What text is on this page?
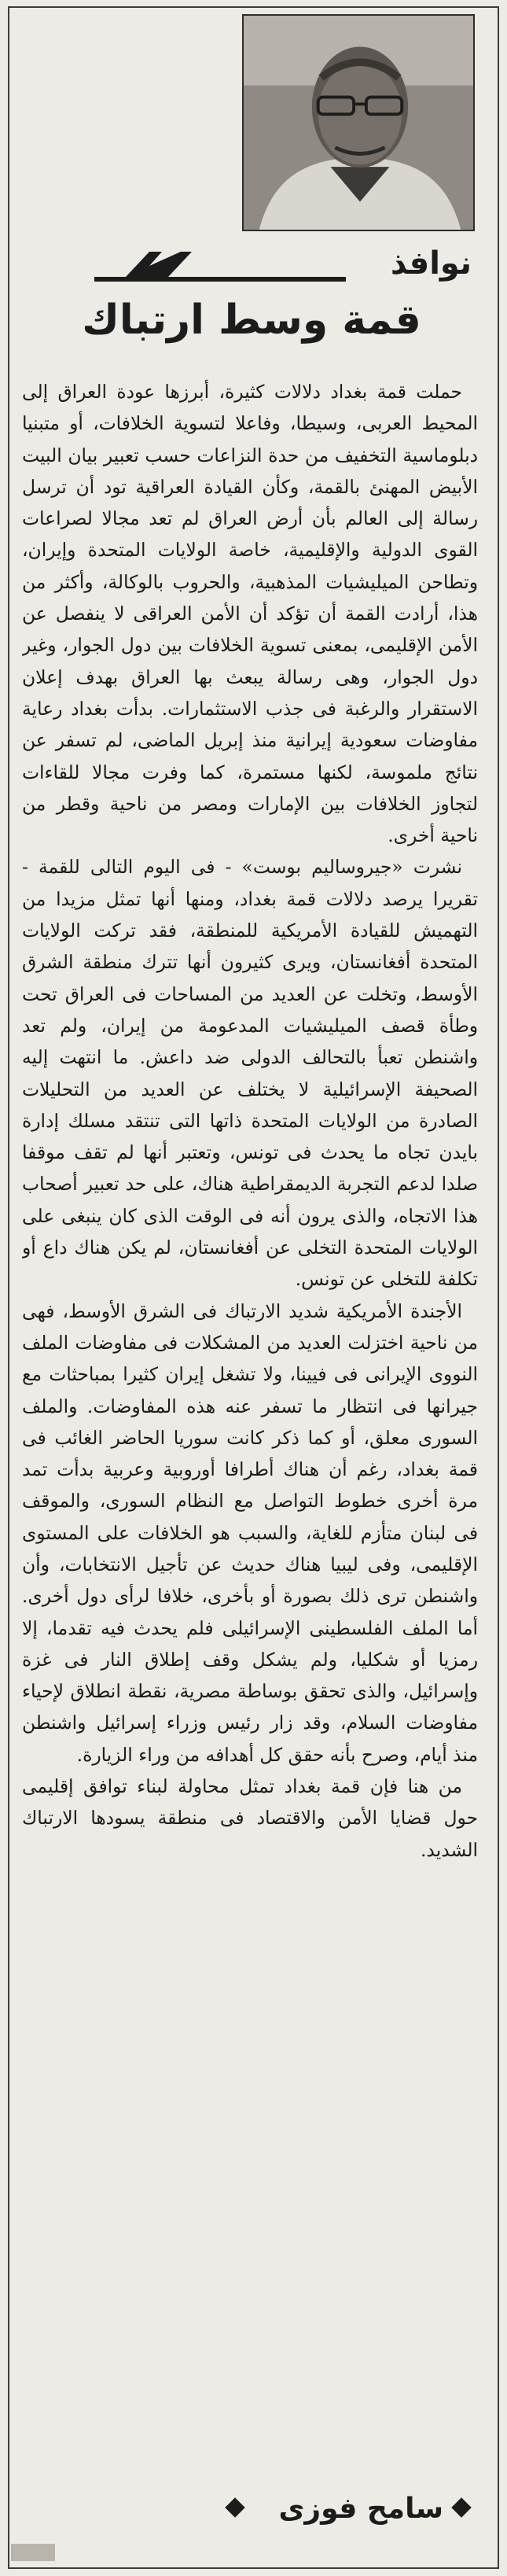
نوافذ
قمة وسط ارتباك

حملت قمة بغداد دلالات كثيرة، أبرزها عودة العراق إلى المحيط العربى، وسيطا، وفاعلا لتسوية الخلافات، أو متبنيا دبلوماسية التخفيف من حدة النزاعات حسب تعبير بيان البيت الأبيض المهنئ بالقمة، وكأن القيادة العراقية تود أن ترسل رسالة إلى العالم بأن أرض العراق لم تعد مجالا لصراعات القوى الدولية والإقليمية، خاصة الولايات المتحدة وإيران، وتطاحن الميليشيات المذهبية، والحروب بالوكالة، وأكثر من هذا، أرادت القمة أن تؤكد أن الأمن العراقى لا ينفصل عن الأمن الإقليمى، بمعنى تسوية الخلافات بين دول الجوار، وغير دول الجوار، وهى رسالة يبعث بها العراق بهدف إعلان الاستقرار والرغبة فى جذب الاستثمارات. بدأت بغداد رعاية مفاوضات سعودية إيرانية منذ إبريل الماضى، لم تسفر عن نتائج ملموسة، لكنها مستمرة، كما وفرت مجالا للقاءات لتجاوز الخلافات بين الإمارات ومصر من ناحية وقطر من ناحية أخرى.

نشرت «جيروساليم بوست» - فى اليوم التالى للقمة - تقريرا يرصد دلالات قمة بغداد، ومنها أنها تمثل مزيدا من التهميش للقيادة الأمريكية للمنطقة، فقد تركت الولايات المتحدة أفغانستان، ويرى كثيرون أنها تترك منطقة الشرق الأوسط، وتخلت عن العديد من المساحات فى العراق تحت وطأة قصف الميليشيات المدعومة من إيران، ولم تعد واشنطن تعبأ بالتحالف الدولى ضد داعش. ما انتهت إليه الصحيفة الإسرائيلية لا يختلف عن العديد من التحليلات الصادرة من الولايات المتحدة ذاتها التى تنتقد مسلك إدارة بايدن تجاه ما يحدث فى تونس، وتعتبر أنها لم تقف موقفا صلدا لدعم التجربة الديمقراطية هناك، على حد تعبير أصحاب هذا الاتجاه، والذى يرون أنه فى الوقت الذى كان ينبغى على الولايات المتحدة التخلى عن أفغانستان، لم يكن هناك داع أو تكلفة للتخلى عن تونس.

الأجندة الأمريكية شديد الارتباك فى الشرق الأوسط، فهى من ناحية اختزلت العديد من المشكلات فى مفاوضات الملف النووى الإيرانى فى فيينا، ولا تشغل إيران كثيرا بمباحثات مع جيرانها فى انتظار ما تسفر عنه هذه المفاوضات. والملف السورى معلق، أو كما ذكر كانت سوريا الحاضر الغائب فى قمة بغداد، رغم أن هناك أطرافا أوروبية وعربية بدأت تمد مرة أخرى خطوط التواصل مع النظام السورى، والموقف فى لبنان متأزم للغاية، والسبب هو الخلافات على المستوى الإقليمى، وفى ليبيا هناك حديث عن تأجيل الانتخابات، وأن واشنطن ترى ذلك بصورة أو بأخرى، خلافا لرأى دول أخرى. أما الملف الفلسطينى الإسرائيلى فلم يحدث فيه تقدما، إلا رمزيا أو شكليا، ولم يشكل وقف إطلاق النار فى غزة وإسرائيل، والذى تحقق بوساطة مصرية، نقطة انطلاق لإحياء مفاوضات السلام، وقد زار رئيس وزراء إسرائيل واشنطن منذ أيام، وصرح بأنه حقق كل أهدافه من وراء الزيارة.

من هنا فإن قمة بغداد تمثل محاولة لبناء توافق إقليمى حول قضايا الأمن والاقتصاد فى منطقة يسودها الارتباك الشديد.

سامح فوزى
